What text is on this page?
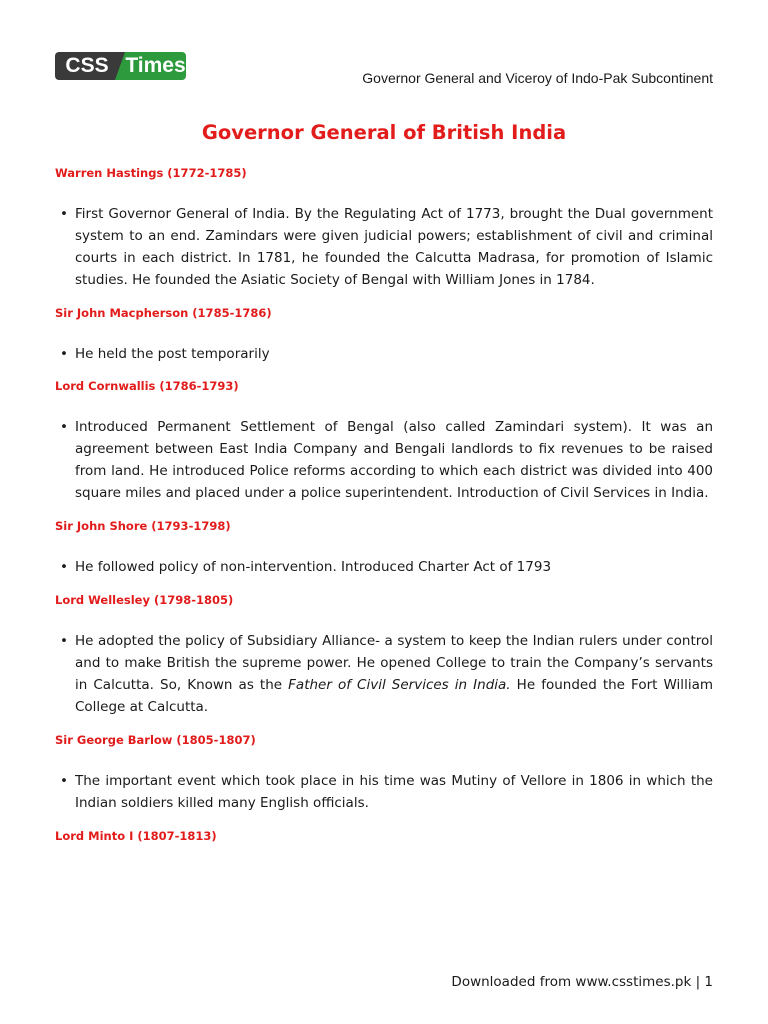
CSS Times
Governor General and Viceroy of Indo-Pak Subcontinent
Governor General of British India
Warren Hastings (1772-1785)
• First Governor General of India. By the Regulating Act of 1773, brought the Dual government system to an end. Zamindars were given judicial powers; establishment of civil and criminal courts in each district. In 1781, he founded the Calcutta Madrasa, for promotion of Islamic studies. He founded the Asiatic Society of Bengal with William Jones in 1784.
Sir John Macpherson (1785-1786)
• He held the post temporarily
Lord Cornwallis (1786-1793)
• Introduced Permanent Settlement of Bengal (also called Zamindari system). It was an agreement between East India Company and Bengali landlords to fix revenues to be raised from land. He introduced Police reforms according to which each district was divided into 400 square miles and placed under a police superintendent. Introduction of Civil Services in India.
Sir John Shore (1793-1798)
• He followed policy of non-intervention. Introduced Charter Act of 1793
Lord Wellesley (1798-1805)
• He adopted the policy of Subsidiary Alliance- a system to keep the Indian rulers under control and to make British the supreme power. He opened College to train the Company’s servants in Calcutta. So, Known as the Father of Civil Services in India. He founded the Fort William College at Calcutta.
Sir George Barlow (1805-1807)
• The important event which took place in his time was Mutiny of Vellore in 1806 in which the Indian soldiers killed many English officials.
Lord Minto I (1807-1813)
Downloaded from www.csstimes.pk | 1
